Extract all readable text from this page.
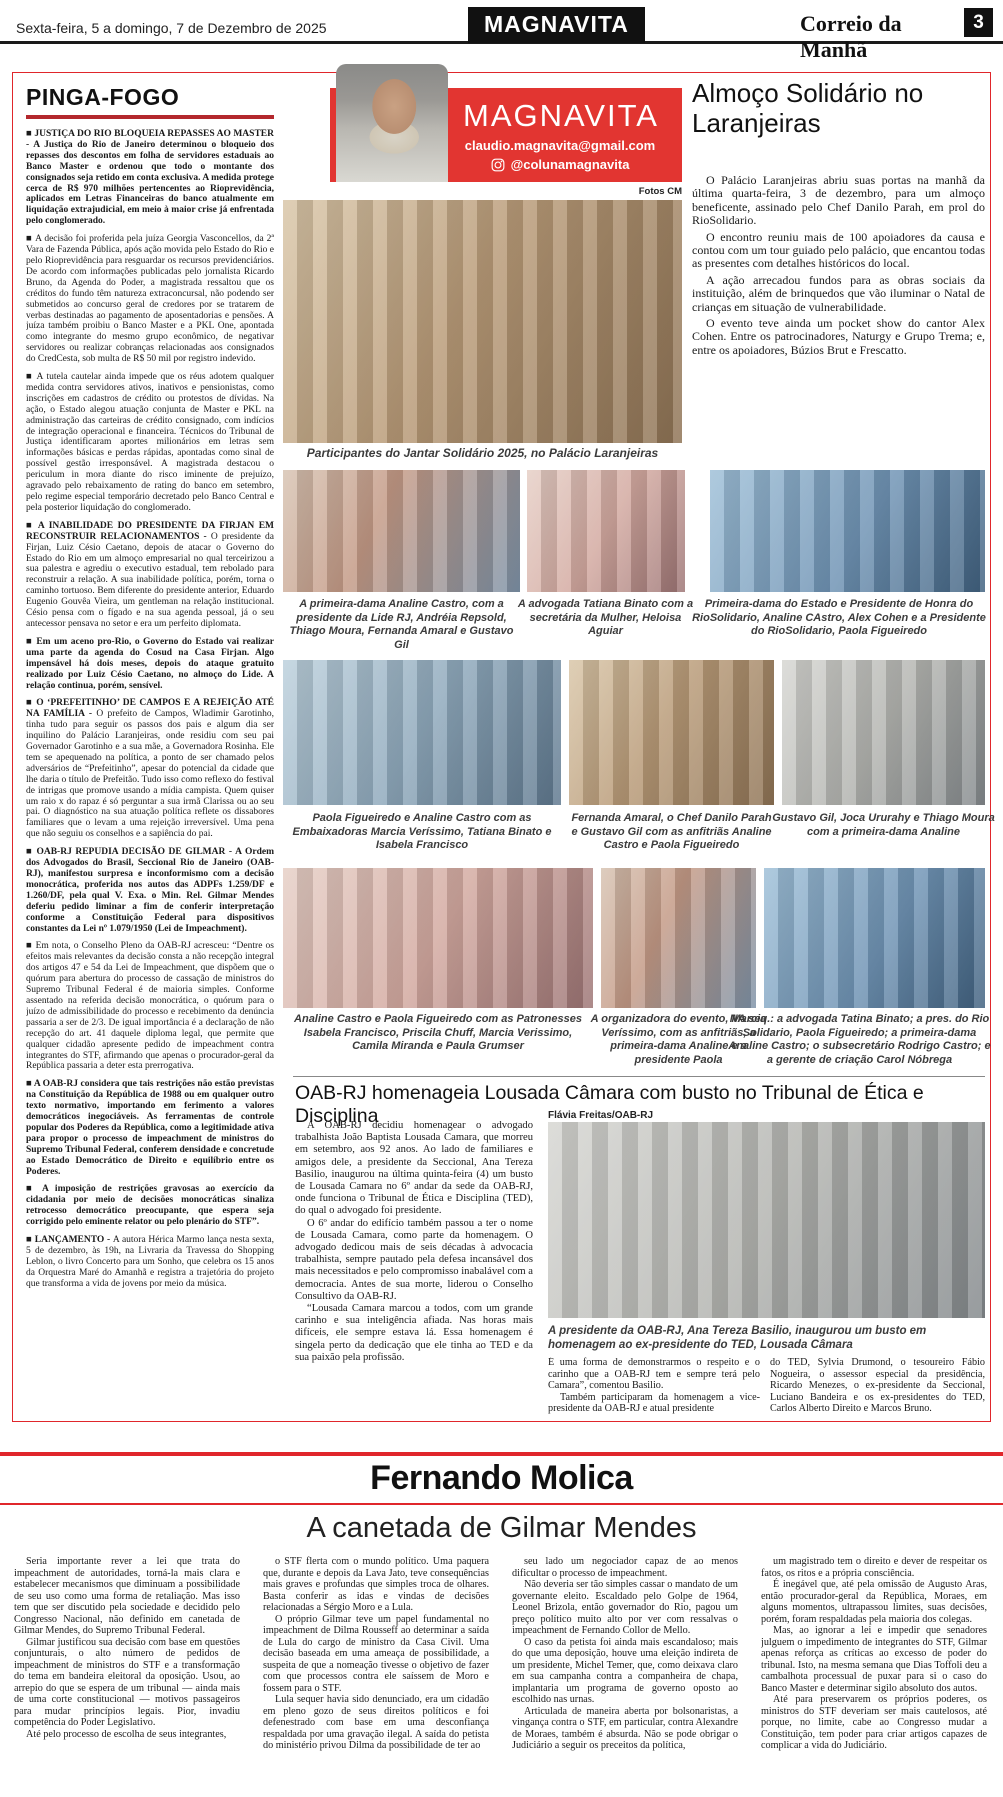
Sexta-feira, 5 a domingo, 7 de Dezembro de 2025	MAGNAVITA	Correio da Manhã
3
PINGA-FOGO

■ JUSTIÇA DO RIO BLOQUEIA REPASSES AO MASTER - A Justiça do Rio de Janeiro determinou o bloqueio dos repasses dos descontos em folha de servidores estaduais ao Banco Master e ordenou que todo o montante dos consignados seja retido em conta exclusiva. A medida protege cerca de R$ 970 milhões pertencentes ao Rioprevidência, aplicados em Letras Financeiras do banco atualmente em liquidação extrajudicial, em meio à maior crise já enfrentada pelo conglomerado.

■ A decisão foi proferida pela juíza Georgia Vasconcellos, da 2ª Vara de Fazenda Pública, após ação movida pelo Estado do Rio e pelo Rioprevidência para resguardar os recursos previdenciários. De acordo com informações publicadas pelo jornalista Ricardo Bruno, da Agenda do Poder, a magistrada ressaltou que os créditos do fundo têm natureza extraconcursal, não podendo ser submetidos ao concurso geral de credores por se tratarem de verbas destinadas ao pagamento de aposentadorias e pensões. A juíza também proibiu o Banco Master e a PKL One, apontada como integrante do mesmo grupo econômico, de negativar servidores ou realizar cobranças relacionadas aos consignados do CredCesta, sob multa de R$ 50 mil por registro indevido.

■ A tutela cautelar ainda impede que os réus adotem qualquer medida contra servidores ativos, inativos e pensionistas, como inscrições em cadastros de crédito ou protestos de dívidas. Na ação, o Estado alegou atuação conjunta de Master e PKL na administração das carteiras de crédito consignado, com indícios de integração operacional e financeira. Técnicos do Tribunal de Justiça identificaram aportes milionários em letras sem informações básicas e perdas rápidas, apontadas como sinal de possível gestão irresponsável. A magistrada destacou o periculum in mora diante do risco iminente de prejuízo, agravado pelo rebaixamento de rating do banco em setembro, pelo regime especial temporário decretado pelo Banco Central e pela posterior liquidação do conglomerado.

■ A INABILIDADE DO PRESIDENTE DA FIRJAN EM RECONSTRUIR RELACIONAMENTOS - O presidente da Firjan, Luiz Césio Caetano, depois de atacar o Governo do Estado do Rio em um almoço empresarial no qual terceirizou a sua palestra e agrediu o executivo estadual, tem rebolado para reconstruir a relação. A sua inabilidade política, porém, torna o caminho tortuoso. Bem diferente do presidente anterior, Eduardo Eugenio Gouvêa Vieira, um gentleman na relação institucional. Césio pensa com o fígado e na sua agenda pessoal, já o seu antecessor pensava no setor e era um perfeito diplomata.

■ Em um aceno pro-Rio, o Governo do Estado vai realizar uma parte da agenda do Cosud na Casa Firjan. Algo impensável há dois meses, depois do ataque gratuito realizado por Luiz Césio Caetano, no almoço do Lide. A relação continua, porém, sensível.

■ O ‘PREFEITINHO’ DE CAMPOS E A REJEIÇÃO ATÉ NA FAMÍLIA - O prefeito de Campos, Wladimir Garotinho, tinha tudo para seguir os passos dos pais e algum dia ser inquilino do Palácio Laranjeiras, onde residiu com seu pai Governador Garotinho e a sua mãe, a Governadora Rosinha. Ele tem se apequenado na política, a ponto de ser chamado pelos adversários de “Prefeitinho”, apesar do potencial da cidade que lhe daria o título de Prefeitão. Tudo isso como reflexo do festival de intrigas que promove usando a mídia campista. Quem quiser um raio x do rapaz é só perguntar a sua irmã Clarissa ou ao seu pai. O diagnóstico na sua atuação política reflete os dissabores familiares que o levam a uma rejeição irreversível. Uma pena que não seguiu os conselhos e a sapiência do pai.

■ OAB-RJ REPUDIA DECISÃO DE GILMAR - A Ordem dos Advogados do Brasil, Seccional Rio de Janeiro (OAB-RJ), manifestou surpresa e inconformismo com a decisão monocrática, proferida nos autos das ADPFs 1.259/DF e 1.260/DF, pela qual V. Exa. o Min. Rel. Gilmar Mendes deferiu pedido liminar a fim de conferir interpretação conforme a Constituição Federal para dispositivos constantes da Lei nº 1.079/1950 (Lei de Impeachment).

■ Em nota, o Conselho Pleno da OAB-RJ acresceu: “Dentre os efeitos mais relevantes da decisão consta a não recepção integral dos artigos 47 e 54 da Lei de Impeachment, que dispõem que o quórum para abertura do processo de cassação de ministros do Supremo Tribunal Federal é de maioria simples. Conforme assentado na referida decisão monocrática, o quórum para o juízo de admissibilidade do processo e recebimento da denúncia passaria a ser de 2/3. De igual importância é a declaração de não recepção do art. 41 daquele diploma legal, que permite que qualquer cidadão apresente pedido de impeachment contra integrantes do STF, afirmando que apenas o procurador-geral da República passaria a deter esta prerrogativa.

■ A OAB-RJ considera que tais restrições não estão previstas na Constituição da República de 1988 ou em qualquer outro texto normativo, importando em ferimento a valores democráticos inegociáveis. As ferramentas de controle popular dos Poderes da República, como a legitimidade ativa para propor o processo de impeachment de ministros do Supremo Tribunal Federal, conferem densidade e concretude ao Estado Democrático de Direito e equilíbrio entre os Poderes.

■ A imposição de restrições gravosas ao exercício da cidadania por meio de decisões monocráticas sinaliza retrocesso democrático preocupante, que espera seja corrigido pelo eminente relator ou pelo plenário do STF”.

■ LANÇAMENTO - A autora Hérica Marmo lança nesta sexta, 5 de dezembro, às 19h, na Livraria da Travessa do Shopping Leblon, o livro Concerto para um Sonho, que celebra os 15 anos da Orquestra Maré do Amanhã e registra a trajetória do projeto que transforma a vida de jovens por meio da música.

MAGNAVITA
claudio.magnavita@gmail.com
@colunamagnavita
Fotos CM
Participantes do Jantar Solidário 2025, no Palácio Laranjeiras
Almoço Solidário no Laranjeiras

O Palácio Laranjeiras abriu suas portas na manhã da última quarta-feira, 3 de dezembro, para um almoço beneficente, assinado pelo Chef Danilo Parah, em prol do RioSolidario.

O encontro reuniu mais de 100 apoiadores da causa e contou com um tour guiado pelo palácio, que encantou todas as presentes com detalhes históricos do local.

A ação arrecadou fundos para as obras sociais da instituição, além de brinquedos que vão iluminar o Natal de crianças em situação de vulnerabilidade.

O evento teve ainda um pocket show do cantor Alex Cohen. Entre os patrocinadores, Naturgy e Grupo Trema; e, entre os apoiadores, Búzios Brut e Frescatto.

A primeira-dama Analine Castro, com a presidente da Lide RJ, Andréia Repsold, Thiago Moura, Fernanda Amaral e Gustavo Gil
A advogada Tatiana Binato com a secretária da Mulher, Heloisa Aguiar
Primeira-dama do Estado e Presidente de Honra do RioSolidario, Analine CAstro, Alex Cohen e a Presidente do RioSolidario, Paola Figueiredo
Paola Figueiredo e Analine Castro com as Embaixadoras Marcia Veríssimo, Tatiana Binato e Isabela Francisco
Fernanda Amaral, o Chef Danilo Parah e Gustavo Gil com as anfitriãs Analine Castro e Paola Figueiredo
Gustavo Gil, Joca Ururahy e Thiago Moura com a primeira-dama Analine
Analine Castro e Paola Figueiredo com as Patronesses Isabela Francisco, Priscila Chuff, Marcia Verissimo, Camila Miranda e Paula Grumser
A organizadora do evento, Marcia Veríssimo, com as anfitriãs, a primeira-dama Analine e a presidente Paola
NA seq.: a advogada Tatina Binato; a pres. do Rio Solidario, Paola Figueiredo; a primeira-dama Analine Castro; o subsecretário Rodrigo Castro; e a gerente de criação Carol Nóbrega
OAB-RJ homenageia Lousada Câmara com busto no Tribunal de Ética e Disciplina	Flávia Freitas/OAB-RJ

A OAB-RJ decidiu homenagear o advogado trabalhista João Baptista Lousada Camara, que morreu em setembro, aos 92 anos. Ao lado de familiares e amigos dele, a presidente da Seccional, Ana Tereza Basilio, inaugurou na última quinta-feira (4) um busto de Lousada Camara no 6º andar da sede da OAB-RJ, onde funciona o Tribunal de Ética e Disciplina (TED), do qual o advogado foi presidente.

O 6º andar do edifício também passou a ter o nome de Lousada Camara, como parte da homenagem. O advogado dedicou mais de seis décadas à advocacia trabalhista, sempre pautado pela defesa incansável dos mais necessitados e pelo compromisso inabalável com a democracia. Antes de sua morte, liderou o Conselho Consultivo da OAB-RJ.

“Lousada Camara marcou a todos, com um grande carinho e sua inteligência afiada. Nas horas mais difíceis, ele sempre estava lá. Essa homenagem é singela perto da dedicação que ele tinha ao TED e da sua paixão pela profissão.

A presidente da OAB-RJ, Ana Tereza Basilio, inaugurou um busto em homenagem ao ex-presidente do TED, Lousada Câmara

É uma forma de demonstrarmos o respeito e o carinho que a OAB-RJ tem e sempre terá pelo Camara”, comentou Basilio.

Também participaram da homenagem a vice-presidente da OAB-RJ e atual presidente

do TED, Sylvia Drumond, o tesoureiro Fábio Nogueira, o assessor especial da presidência, Ricardo Menezes, o ex-presidente da Seccional, Luciano Bandeira e os ex-presidentes do TED, Carlos Alberto Direito e Marcos Bruno.

Fernando Molica
A canetada de Gilmar Mendes

Seria importante rever a lei que trata do impeachment de autoridades, torná-la mais clara e estabelecer mecanismos que diminuam a possibilidade de seu uso como uma forma de retaliação. Mas isso tem que ser discutido pela sociedade e decidido pelo Congresso Nacional, não definido em canetada de Gilmar Mendes, do Supremo Tribunal Federal.

Gilmar justificou sua decisão com base em questões conjunturais, o alto número de pedidos de impeachment de ministros do STF e a transformação do tema em bandeira eleitoral da oposição. Usou, ao arrepio do que se espera de um tribunal — ainda mais de uma corte constitucional — motivos passageiros para mudar princípios legais. Pior, invadiu competência do Poder Legislativo.

Até pelo processo de escolha de seus integrantes,

o STF flerta com o mundo político. Uma paquera que, durante e depois da Lava Jato, teve consequências mais graves e profundas que simples troca de olhares. Basta conferir as idas e vindas de decisões relacionadas a Sérgio Moro e a Lula.

O próprio Gilmar teve um papel fundamental no impeachment de Dilma Rousseff ao determinar a saída de Lula do cargo de ministro da Casa Civil. Uma decisão baseada em uma ameaça de possibilidade, a suspeita de que a nomeação tivesse o objetivo de fazer com que processos contra ele saíssem de Moro e fossem para o STF.

Lula sequer havia sido denunciado, era um cidadão em pleno gozo de seus direitos políticos e foi defenestrado com base em uma desconfiança respaldada por uma gravação ilegal. A saída do petista do ministério privou Dilma da possibilidade de ter ao

seu lado um negociador capaz de ao menos dificultar o processo de impeachment.

Não deveria ser tão simples cassar o mandato de um governante eleito. Escaldado pelo Golpe de 1964, Leonel Brizola, então governador do Rio, pagou um preço político muito alto por ver com ressalvas o impeachment de Fernando Collor de Mello.

O caso da petista foi ainda mais escandaloso; mais do que uma deposição, houve uma eleição indireta de um presidente, Michel Temer, que, como deixava claro em sua campanha contra a companheira de chapa, implantaria um programa de governo oposto ao escolhido nas urnas.

Articulada de maneira aberta por bolsonaristas, a vingança contra o STF, em particular, contra Alexandre de Moraes, também é absurda. Não se pode obrigar o Judiciário a seguir os preceitos da política,

um magistrado tem o direito e dever de respeitar os fatos, os ritos e a própria consciência.

É inegável que, até pela omissão de Augusto Aras, então procurador-geral da República, Moraes, em alguns momentos, ultrapassou limites, suas decisões, porém, foram respaldadas pela maioria dos colegas.

Mas, ao ignorar a lei e impedir que senadores julguem o impedimento de integrantes do STF, Gilmar apenas reforça as críticas ao excesso de poder do tribunal. Isto, na mesma semana que Dias Toffoli deu a cambalhota processual de puxar para si o caso do Banco Master e determinar sigilo absoluto dos autos.

Até para preservarem os próprios poderes, os ministros do STF deveriam ser mais cautelosos, até porque, no limite, cabe ao Congresso mudar a Constituição, tem poder para criar artigos capazes de complicar a vida do Judiciário.
